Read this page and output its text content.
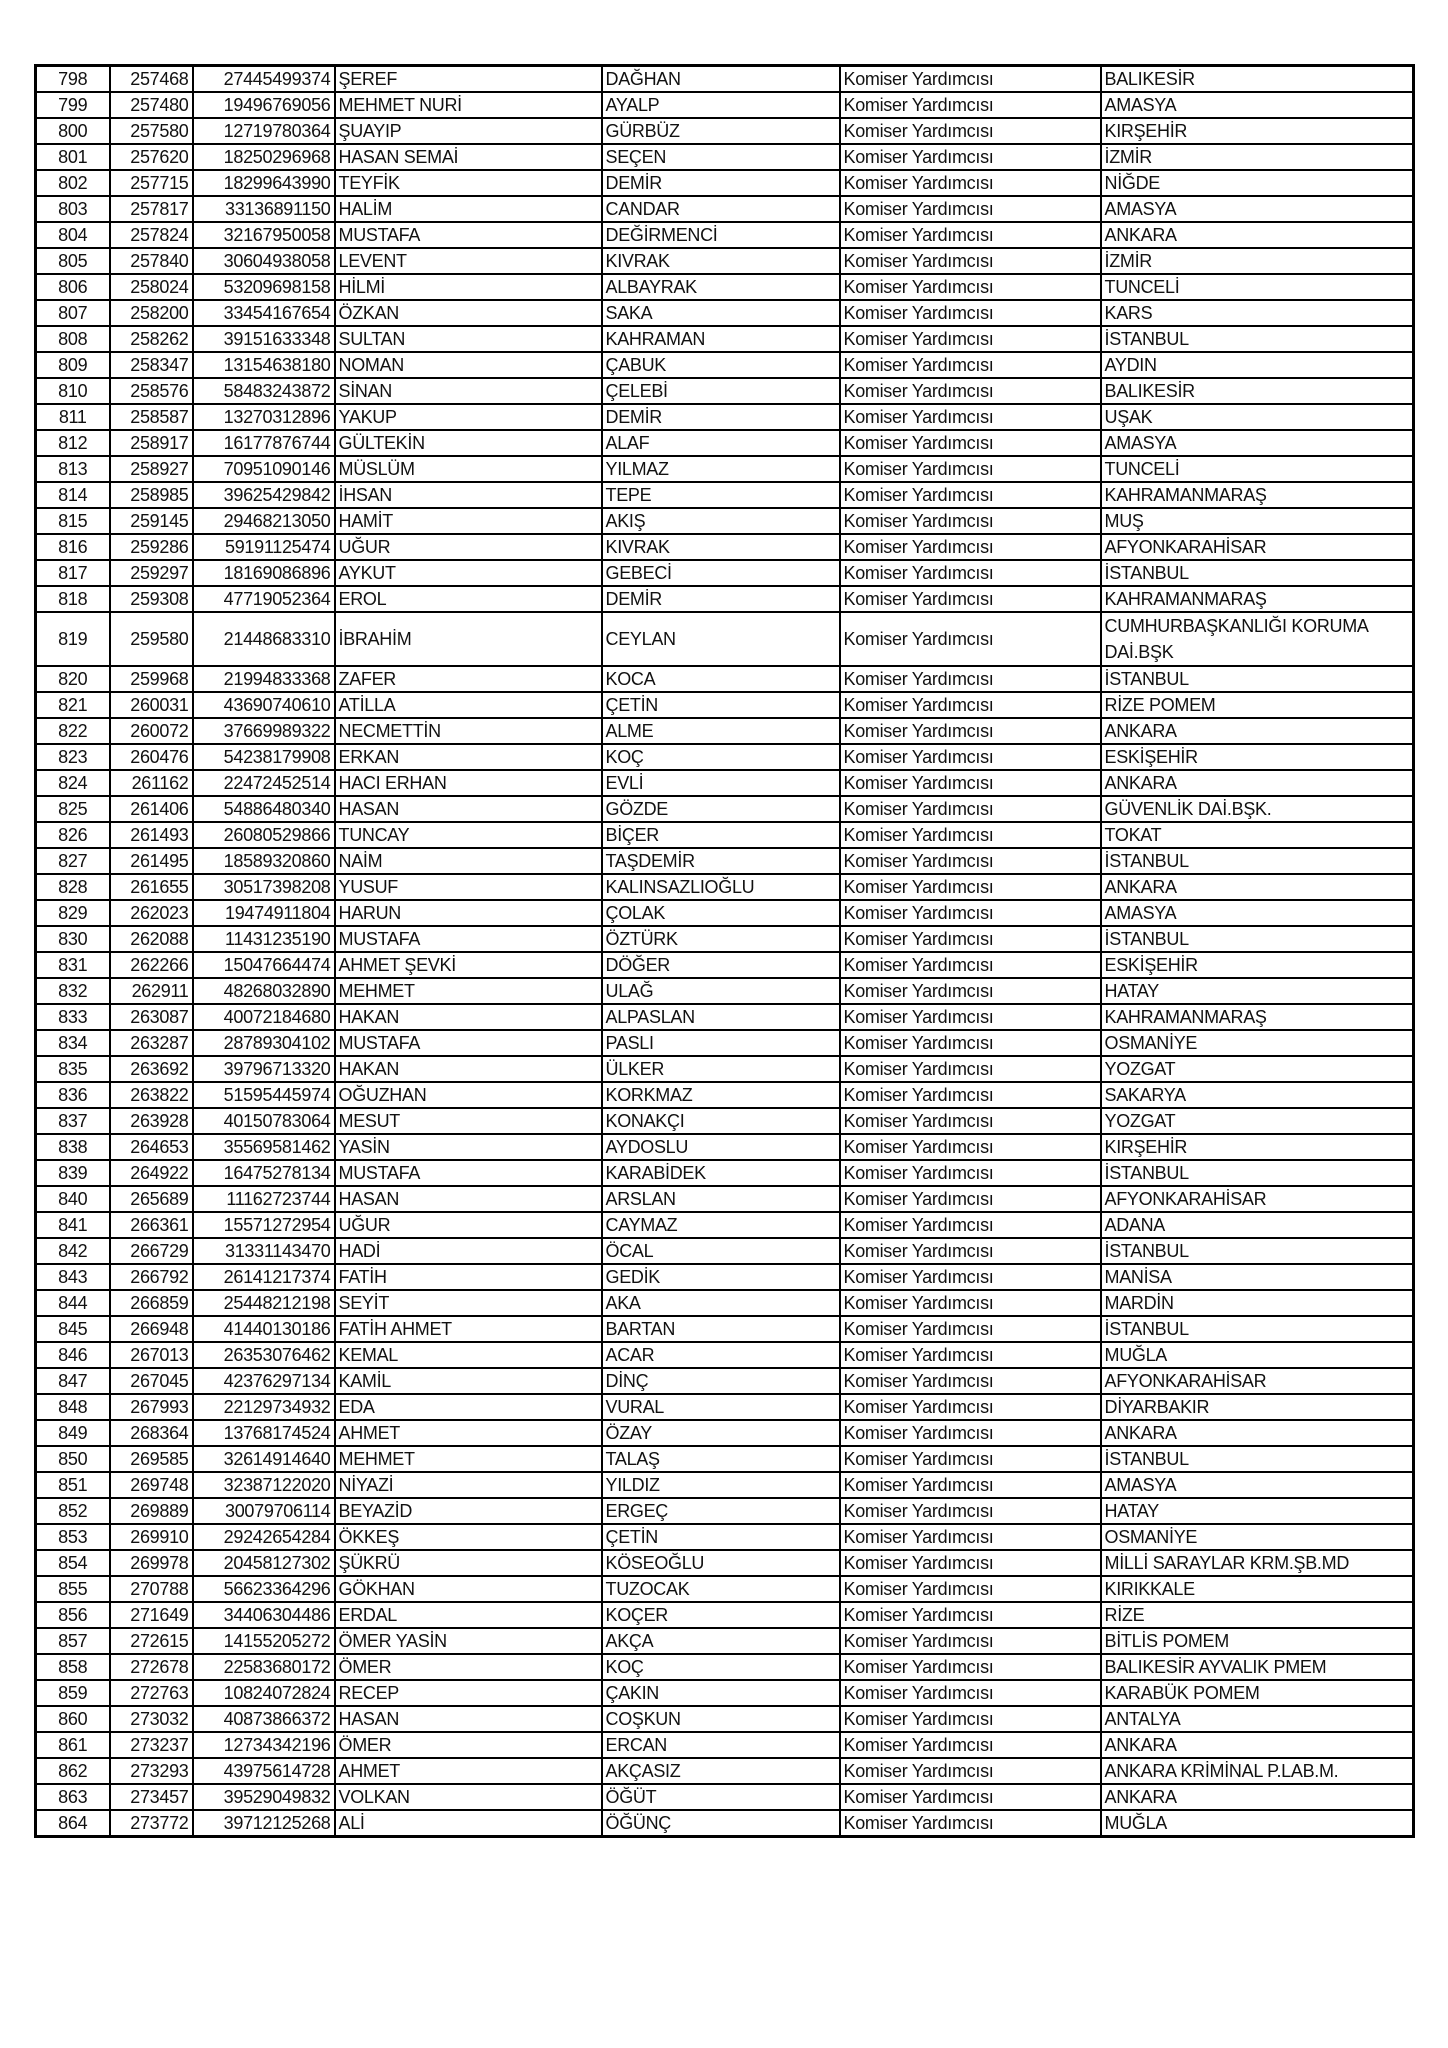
798	257468	27445499374	ŞEREF	DAĞHAN	Komiser Yardımcısı	BALIKESİR
799	257480	19496769056	MEHMET NURİ	AYALP	Komiser Yardımcısı	AMASYA
800	257580	12719780364	ŞUAYIP	GÜRBÜZ	Komiser Yardımcısı	KIRŞEHİR
801	257620	18250296968	HASAN SEMAİ	SEÇEN	Komiser Yardımcısı	İZMİR
802	257715	18299643990	TEYFİK	DEMİR	Komiser Yardımcısı	NİĞDE
803	257817	33136891150	HALİM	CANDAR	Komiser Yardımcısı	AMASYA
804	257824	32167950058	MUSTAFA	DEĞİRMENCİ	Komiser Yardımcısı	ANKARA
805	257840	30604938058	LEVENT	KIVRAK	Komiser Yardımcısı	İZMİR
806	258024	53209698158	HİLMİ	ALBAYRAK	Komiser Yardımcısı	TUNCELİ
807	258200	33454167654	ÖZKAN	SAKA	Komiser Yardımcısı	KARS
808	258262	39151633348	SULTAN	KAHRAMAN	Komiser Yardımcısı	İSTANBUL
809	258347	13154638180	NOMAN	ÇABUK	Komiser Yardımcısı	AYDIN
810	258576	58483243872	SİNAN	ÇELEBİ	Komiser Yardımcısı	BALIKESİR
811	258587	13270312896	YAKUP	DEMİR	Komiser Yardımcısı	UŞAK
812	258917	16177876744	GÜLTEKİN	ALAF	Komiser Yardımcısı	AMASYA
813	258927	70951090146	MÜSLÜM	YILMAZ	Komiser Yardımcısı	TUNCELİ
814	258985	39625429842	İHSAN	TEPE	Komiser Yardımcısı	KAHRAMANMARAŞ
815	259145	29468213050	HAMİT	AKIŞ	Komiser Yardımcısı	MUŞ
816	259286	59191125474	UĞUR	KIVRAK	Komiser Yardımcısı	AFYONKARAHİSAR
817	259297	18169086896	AYKUT	GEBECİ	Komiser Yardımcısı	İSTANBUL
818	259308	47719052364	EROL	DEMİR	Komiser Yardımcısı	KAHRAMANMARAŞ
819	259580	21448683310	İBRAHİM	CEYLAN	Komiser Yardımcısı	CUMHURBAŞKANLIĞI KORUMA DAİ.BŞK
820	259968	21994833368	ZAFER	KOCA	Komiser Yardımcısı	İSTANBUL
821	260031	43690740610	ATİLLA	ÇETİN	Komiser Yardımcısı	RİZE POMEM
822	260072	37669989322	NECMETTİN	ALME	Komiser Yardımcısı	ANKARA
823	260476	54238179908	ERKAN	KOÇ	Komiser Yardımcısı	ESKİŞEHİR
824	261162	22472452514	HACI ERHAN	EVLİ	Komiser Yardımcısı	ANKARA
825	261406	54886480340	HASAN	GÖZDE	Komiser Yardımcısı	GÜVENLİK DAİ.BŞK.
826	261493	26080529866	TUNCAY	BİÇER	Komiser Yardımcısı	TOKAT
827	261495	18589320860	NAİM	TAŞDEMİR	Komiser Yardımcısı	İSTANBUL
828	261655	30517398208	YUSUF	KALINSAZLIOĞLU	Komiser Yardımcısı	ANKARA
829	262023	19474911804	HARUN	ÇOLAK	Komiser Yardımcısı	AMASYA
830	262088	11431235190	MUSTAFA	ÖZTÜRK	Komiser Yardımcısı	İSTANBUL
831	262266	15047664474	AHMET ŞEVKİ	DÖĞER	Komiser Yardımcısı	ESKİŞEHİR
832	262911	48268032890	MEHMET	ULAĞ	Komiser Yardımcısı	HATAY
833	263087	40072184680	HAKAN	ALPASLAN	Komiser Yardımcısı	KAHRAMANMARAŞ
834	263287	28789304102	MUSTAFA	PASLI	Komiser Yardımcısı	OSMANİYE
835	263692	39796713320	HAKAN	ÜLKER	Komiser Yardımcısı	YOZGAT
836	263822	51595445974	OĞUZHAN	KORKMAZ	Komiser Yardımcısı	SAKARYA
837	263928	40150783064	MESUT	KONAKÇI	Komiser Yardımcısı	YOZGAT
838	264653	35569581462	YASİN	AYDOSLU	Komiser Yardımcısı	KIRŞEHİR
839	264922	16475278134	MUSTAFA	KARABİDEK	Komiser Yardımcısı	İSTANBUL
840	265689	11162723744	HASAN	ARSLAN	Komiser Yardımcısı	AFYONKARAHİSAR
841	266361	15571272954	UĞUR	CAYMAZ	Komiser Yardımcısı	ADANA
842	266729	31331143470	HADİ	ÖCAL	Komiser Yardımcısı	İSTANBUL
843	266792	26141217374	FATİH	GEDİK	Komiser Yardımcısı	MANİSA
844	266859	25448212198	SEYİT	AKA	Komiser Yardımcısı	MARDİN
845	266948	41440130186	FATİH AHMET	BARTAN	Komiser Yardımcısı	İSTANBUL
846	267013	26353076462	KEMAL	ACAR	Komiser Yardımcısı	MUĞLA
847	267045	42376297134	KAMİL	DİNÇ	Komiser Yardımcısı	AFYONKARAHİSAR
848	267993	22129734932	EDA	VURAL	Komiser Yardımcısı	DİYARBAKIR
849	268364	13768174524	AHMET	ÖZAY	Komiser Yardımcısı	ANKARA
850	269585	32614914640	MEHMET	TALAŞ	Komiser Yardımcısı	İSTANBUL
851	269748	32387122020	NİYAZİ	YILDIZ	Komiser Yardımcısı	AMASYA
852	269889	30079706114	BEYAZİD	ERGEÇ	Komiser Yardımcısı	HATAY
853	269910	29242654284	ÖKKEŞ	ÇETİN	Komiser Yardımcısı	OSMANİYE
854	269978	20458127302	ŞÜKRÜ	KÖSEOĞLU	Komiser Yardımcısı	MİLLİ SARAYLAR KRM.ŞB.MD
855	270788	56623364296	GÖKHAN	TUZOCAK	Komiser Yardımcısı	KIRIKKALE
856	271649	34406304486	ERDAL	KOÇER	Komiser Yardımcısı	RİZE
857	272615	14155205272	ÖMER YASİN	AKÇA	Komiser Yardımcısı	BİTLİS POMEM
858	272678	22583680172	ÖMER	KOÇ	Komiser Yardımcısı	BALIKESİR AYVALIK PMEM
859	272763	10824072824	RECEP	ÇAKIN	Komiser Yardımcısı	KARABÜK POMEM
860	273032	40873866372	HASAN	COŞKUN	Komiser Yardımcısı	ANTALYA
861	273237	12734342196	ÖMER	ERCAN	Komiser Yardımcısı	ANKARA
862	273293	43975614728	AHMET	AKÇASIZ	Komiser Yardımcısı	ANKARA KRİMİNAL P.LAB.M.
863	273457	39529049832	VOLKAN	ÖĞÜT	Komiser Yardımcısı	ANKARA
864	273772	39712125268	ALİ	ÖĞÜNÇ	Komiser Yardımcısı	MUĞLA
